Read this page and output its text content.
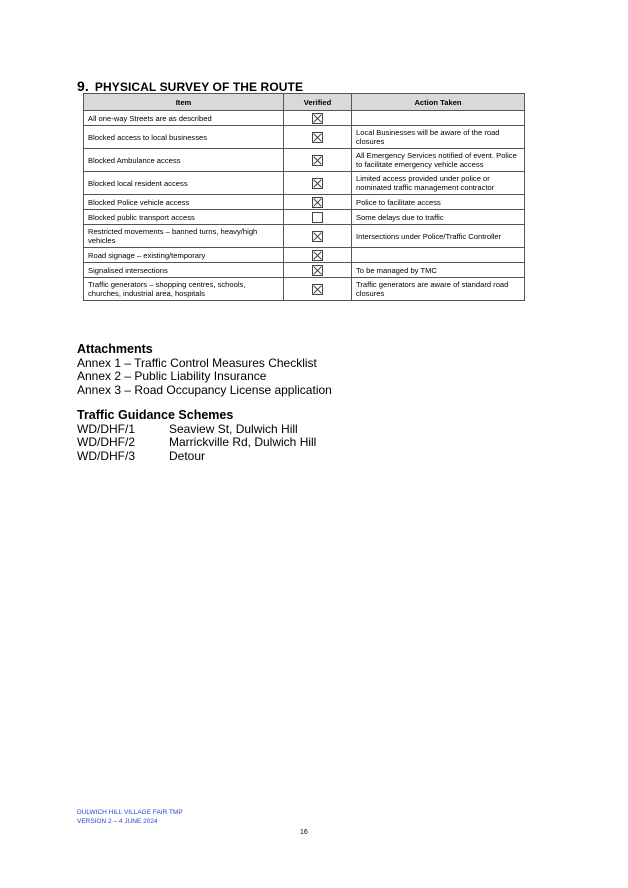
9. PHYSICAL SURVEY OF THE ROUTE
Item	Verified	Action Taken
All one-way Streets are as described		
Blocked access to local businesses		Local Businesses will be aware of the road closures
Blocked Ambulance access		All Emergency Services notified of event. Police to facilitate emergency vehicle access
Blocked local resident access		Limited access provided under police or nominated traffic management contractor
Blocked Police vehicle access		Police to facilitate access
Blocked public transport access		Some delays due to traffic
Restricted movements – banned turns, heavy/high vehicles		Intersections under Police/Traffic Controller
Road signage – existing/temporary		
Signalised intersections		To be managed by TMC
Traffic generators – shopping centres, schools, churches, industrial area, hospitals		Traffic generators are aware of standard road closures
Attachments
Annex 1 – Traffic Control Measures Checklist
Annex 2 – Public Liability Insurance
Annex 3 – Road Occupancy License application
Traffic Guidance Schemes
WD/DHF/1	Seaview St, Dulwich Hill
WD/DHF/2	Marrickville Rd, Dulwich Hill
WD/DHF/3	Detour
DULWICH HILL VILLAGE FAIR TMP
VERSION 2 – 4 JUNE 2024
16
